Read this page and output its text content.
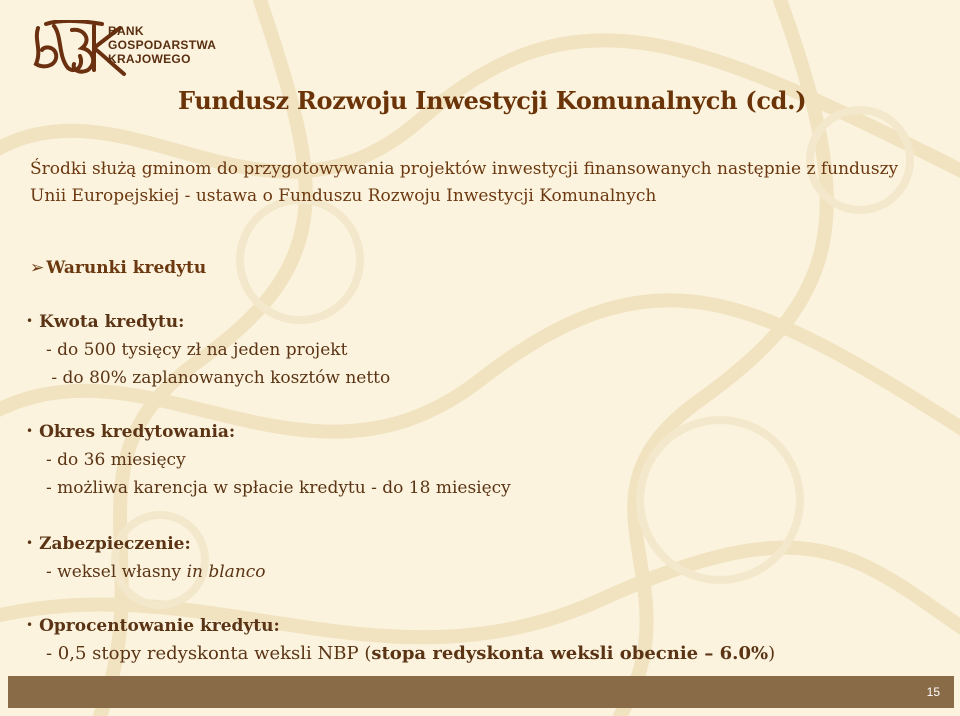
BANK
GOSPODARSTWA
KRAJOWEGO
Fundusz Rozwoju Inwestycji Komunalnych (cd.)
Środki służą gminom do przygotowywania projektów inwestycji finansowanych następnie z funduszy Unii Europejskiej - ustawa o Funduszu Rozwoju Inwestycji Komunalnych
➢ Warunki kredytu
• Kwota kredytu:
- do 500 tysięcy zł na jeden projekt
- do 80% zaplanowanych kosztów netto
• Okres kredytowania:
- do 36 miesięcy
- możliwa karencja w spłacie kredytu - do 18 miesięcy
• Zabezpieczenie:
- weksel własny in blanco
• Oprocentowanie kredytu:
- 0,5 stopy redyskonta weksli NBP (stopa redyskonta weksli obecnie – 6.0%)
15
